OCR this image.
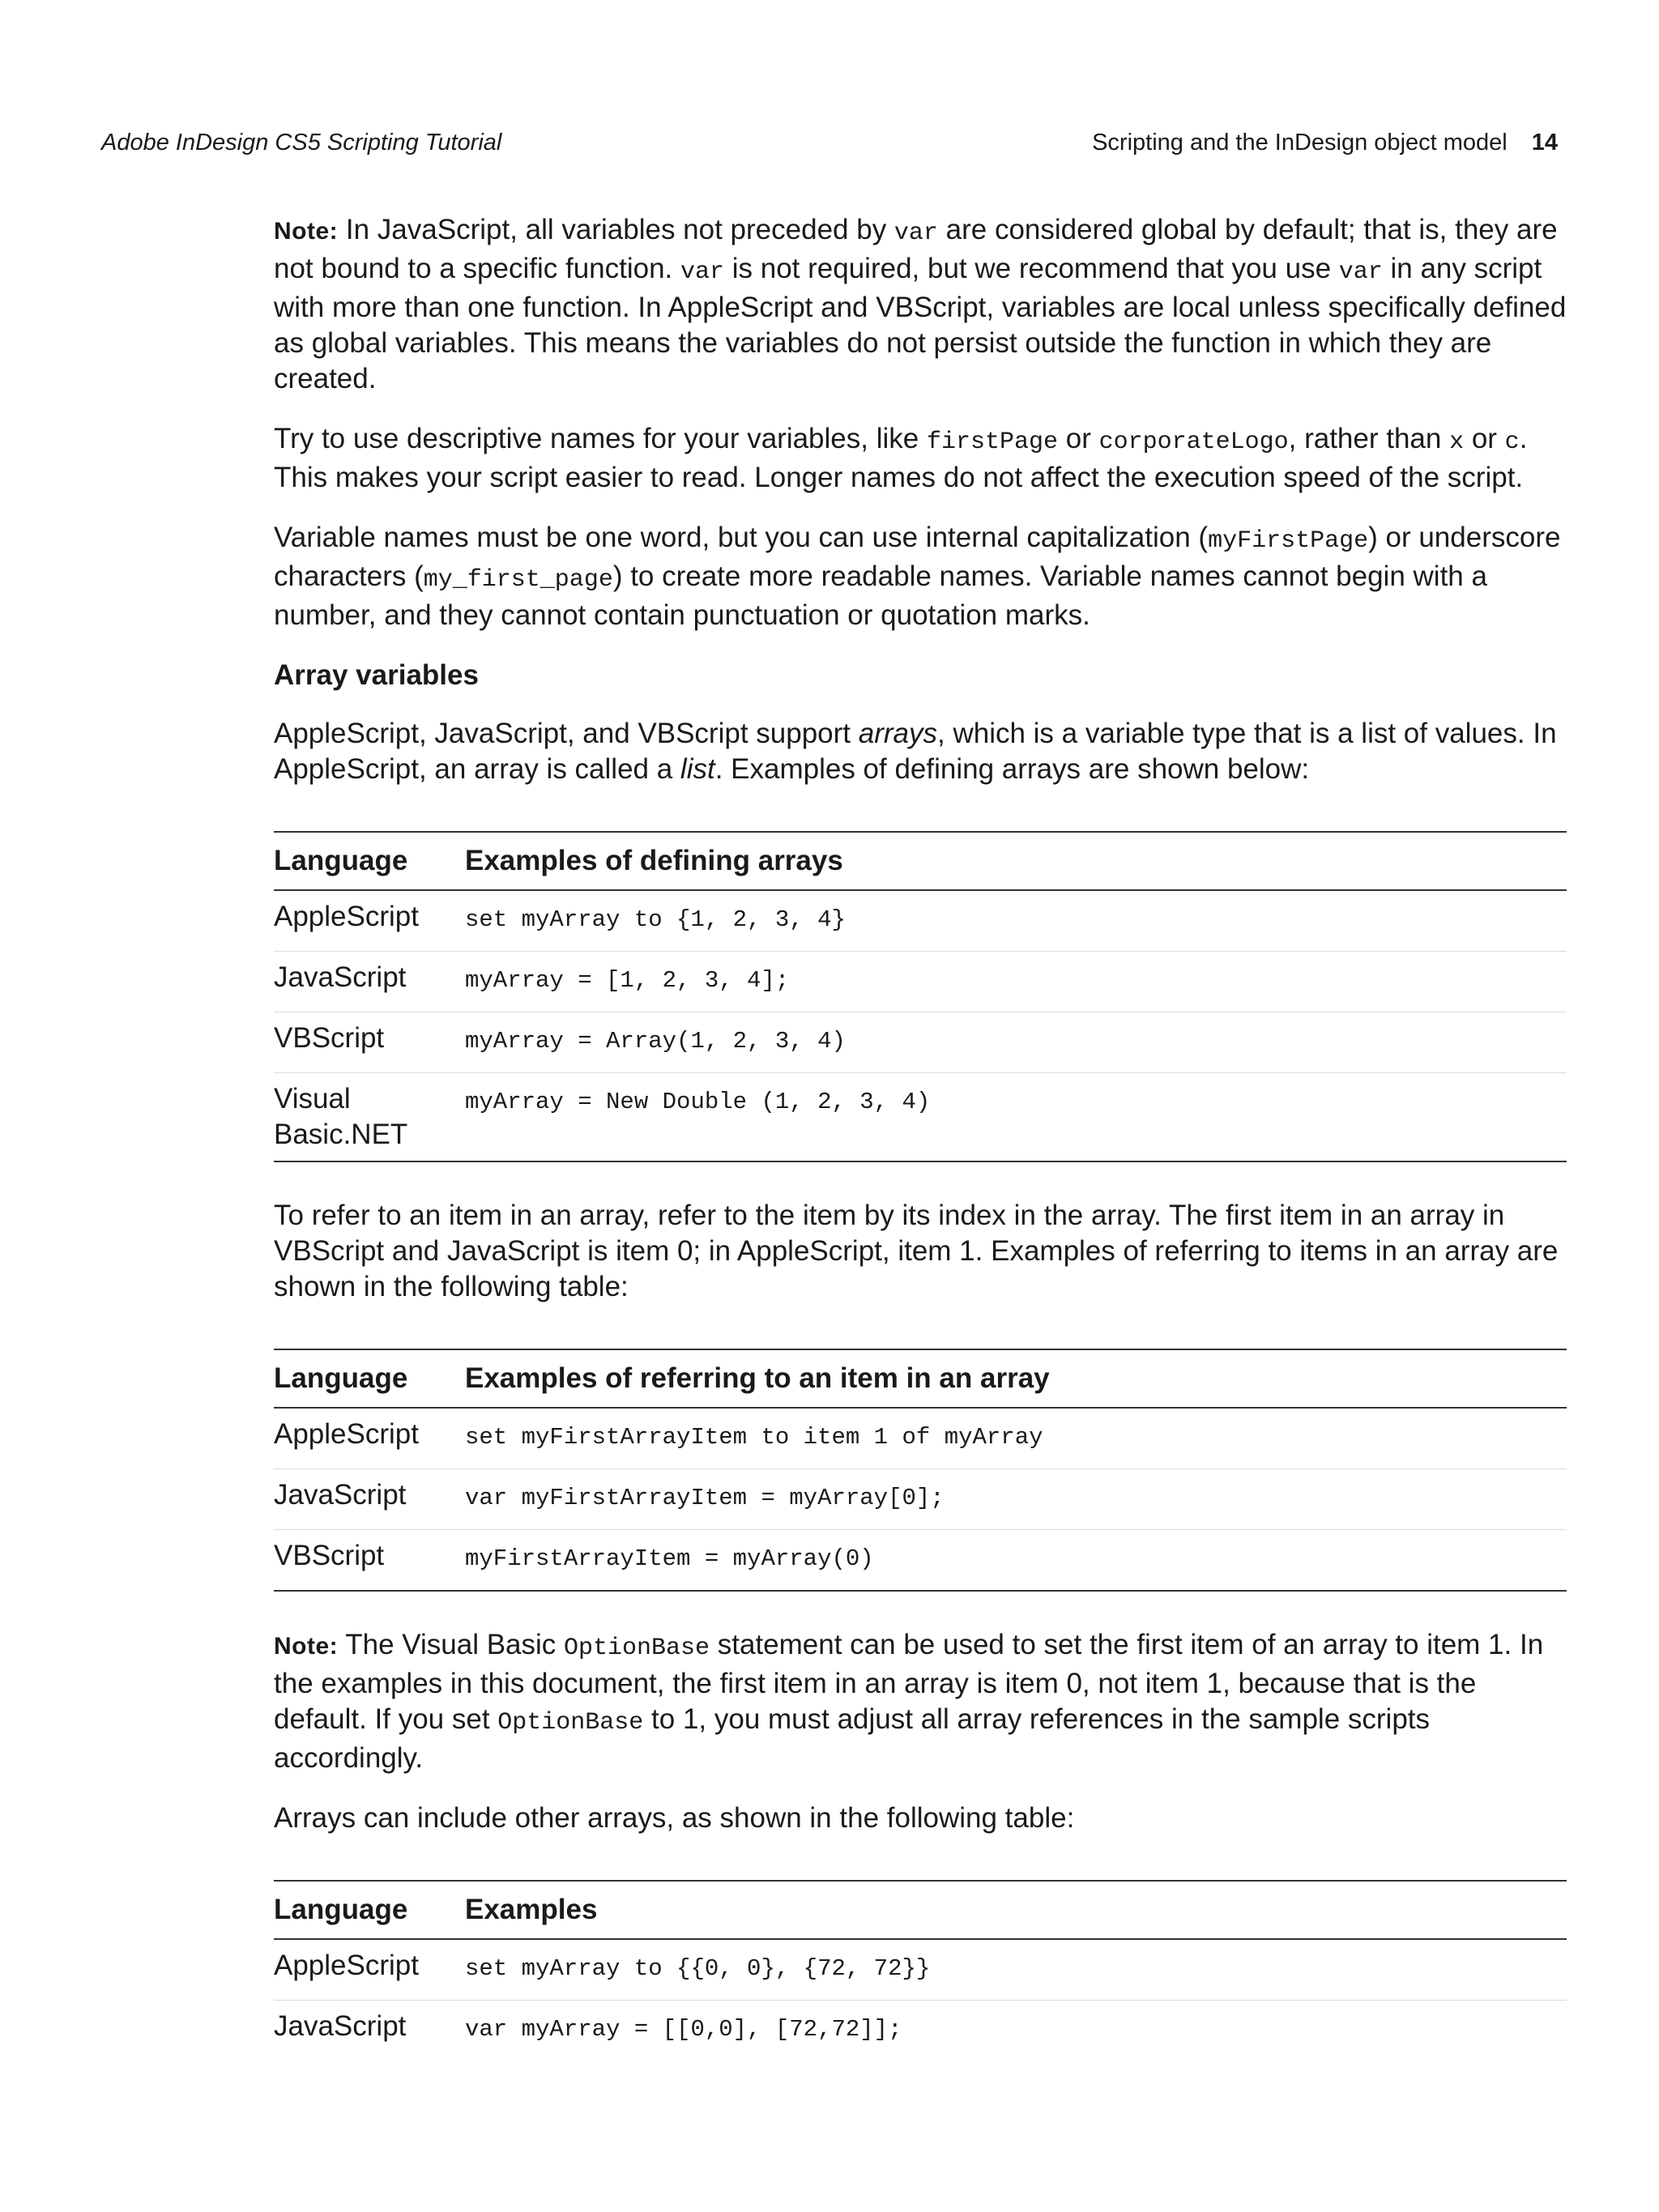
Adobe InDesign CS5 Scripting Tutorial	Scripting and the InDesign object model 14

Note: In JavaScript, all variables not preceded by var are considered global by default; that is, they are not bound to a specific function. var is not required, but we recommend that you use var in any script with more than one function. In AppleScript and VBScript, variables are local unless specifically defined as global variables. This means the variables do not persist outside the function in which they are created.

Try to use descriptive names for your variables, like firstPage or corporateLogo, rather than x or c. This makes your script easier to read. Longer names do not affect the execution speed of the script.

Variable names must be one word, but you can use internal capitalization (myFirstPage) or underscore characters (my_first_page) to create more readable names. Variable names cannot begin with a number, and they cannot contain punctuation or quotation marks.

Array variables

AppleScript, JavaScript, and VBScript support arrays, which is a variable type that is a list of values. In AppleScript, an array is called a list. Examples of defining arrays are shown below:

Language	Examples of defining arrays
AppleScript	set myArray to {1, 2, 3, 4}
JavaScript	myArray = [1, 2, 3, 4];
VBScript	myArray = Array(1, 2, 3, 4)
Visual Basic.NET	myArray = New Double (1, 2, 3, 4)

To refer to an item in an array, refer to the item by its index in the array. The first item in an array in VBScript and JavaScript is item 0; in AppleScript, item 1. Examples of referring to items in an array are shown in the following table:

Language	Examples of referring to an item in an array
AppleScript	set myFirstArrayItem to item 1 of myArray
JavaScript	var myFirstArrayItem = myArray[0];
VBScript	myFirstArrayItem = myArray(0)

Note: The Visual Basic OptionBase statement can be used to set the first item of an array to item 1. In the examples in this document, the first item in an array is item 0, not item 1, because that is the default. If you set OptionBase to 1, you must adjust all array references in the sample scripts accordingly.

Arrays can include other arrays, as shown in the following table:

Language	Examples
AppleScript	set myArray to {{0, 0}, {72, 72}}
JavaScript	var myArray = [[0,0], [72,72]];
